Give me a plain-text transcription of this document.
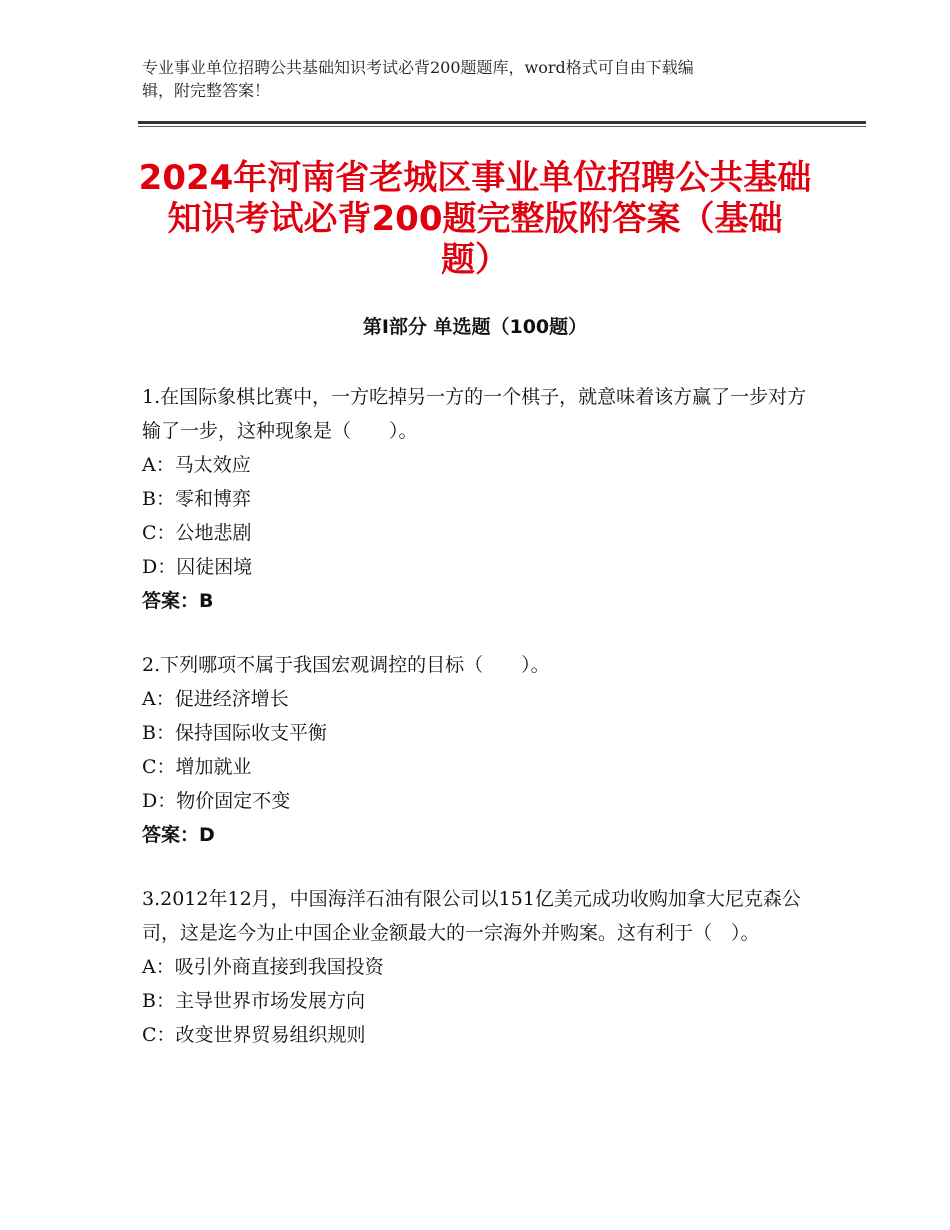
专业事业单位招聘公共基础知识考试必背200题题库，word格式可自由下载编
辑，附完整答案！
2024年河南省老城区事业单位招聘公共基础
知识考试必背200题完整版附答案（基础
题）
第Ⅰ部分 单选题（100题）

1.在国际象棋比赛中，一方吃掉另一方的一个棋子，就意味着该方赢了一步对方输了一步，这种现象是（　　）。

A：马太效应

B：零和博弈

C：公地悲剧

D：囚徒困境

答案：B

2.下列哪项不属于我国宏观调控的目标（　　）。

A：促进经济增长

B：保持国际收支平衡

C：增加就业

D：物价固定不变

答案：D

3.2012年12月，中国海洋石油有限公司以151亿美元成功收购加拿大尼克森公司，这是迄今为止中国企业金额最大的一宗海外并购案。这有利于（　）。

A：吸引外商直接到我国投资

B：主导世界市场发展方向

C：改变世界贸易组织规则
